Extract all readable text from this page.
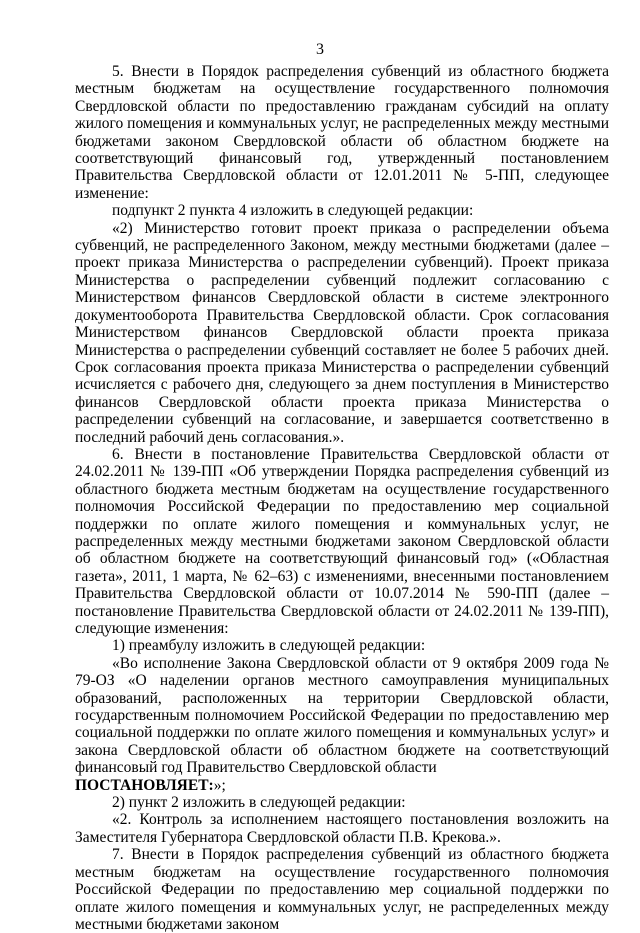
3

5. Внести в Порядок распределения субвенций из областного бюджета местным бюджетам на осуществление государственного полномочия Свердловской области по предоставлению гражданам субсидий на оплату жилого помещения и коммунальных услуг, не распределенных между местными бюджетами законом Свердловской области об областном бюджете на соответствующий финансовый год, утвержденный постановлением Правительства Свердловской области от 12.01.2011 № 5-ПП, следующее изменение:

подпункт 2 пункта 4 изложить в следующей редакции:

«2) Министерство готовит проект приказа о распределении объема субвенций, не распределенного Законом, между местными бюджетами (далее – проект приказа Министерства о распределении субвенций). Проект приказа Министерства о распределении субвенций подлежит согласованию с Министерством финансов Свердловской области в системе электронного документооборота Правительства Свердловской области. Срок согласования Министерством финансов Свердловской области проекта приказа Министерства о распределении субвенций составляет не более 5 рабочих дней. Срок согласования проекта приказа Министерства о распределении субвенций исчисляется с рабочего дня, следующего за днем поступления в Министерство финансов Свердловской области проекта приказа Министерства о распределении субвенций на согласование, и завершается соответственно в последний рабочий день согласования.».

6. Внести в постановление Правительства Свердловской области от 24.02.2011 № 139-ПП «Об утверждении Порядка распределения субвенций из областного бюджета местным бюджетам на осуществление государственного полномочия Российской Федерации по предоставлению мер социальной поддержки по оплате жилого помещения и коммунальных услуг, не распределенных между местными бюджетами законом Свердловской области об областном бюджете на соответствующий финансовый год» («Областная газета», 2011, 1 марта, № 62–63) с изменениями, внесенными постановлением Правительства Свердловской области от 10.07.2014 № 590-ПП (далее – постановление Правительства Свердловской области от 24.02.2011 № 139-ПП), следующие изменения:

1) преамбулу изложить в следующей редакции:

«Во исполнение Закона Свердловской области от 9 октября 2009 года № 79-ОЗ «О наделении органов местного самоуправления муниципальных образований, расположенных на территории Свердловской области, государственным полномочием Российской Федерации по предоставлению мер социальной поддержки по оплате жилого помещения и коммунальных услуг» и закона Свердловской области об областном бюджете на соответствующий финансовый год Правительство Свердловской области

ПОСТАНОВЛЯЕТ:»;

2) пункт 2 изложить в следующей редакции:

«2. Контроль за исполнением настоящего постановления возложить на Заместителя Губернатора Свердловской области П.В. Крекова.».

7. Внести в Порядок распределения субвенций из областного бюджета местным бюджетам на осуществление государственного полномочия Российской Федерации по предоставлению мер социальной поддержки по оплате жилого помещения и коммунальных услуг, не распределенных между местными бюджетами законом
